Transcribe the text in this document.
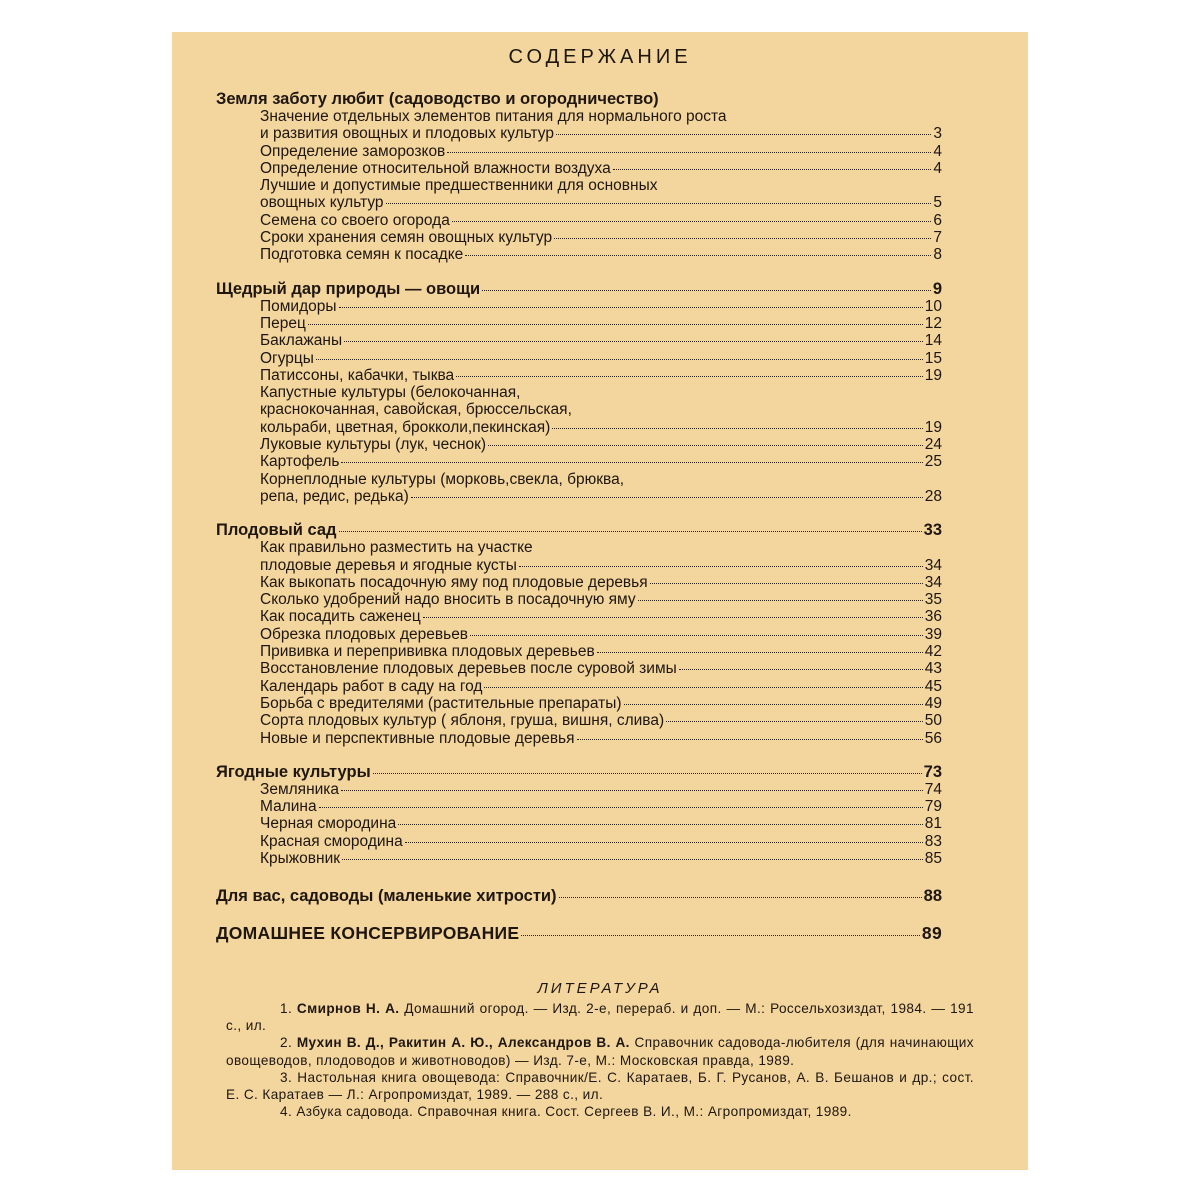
СОДЕРЖАНИЕ
Земля заботу любит (садоводство и огородничество)
Значение отдельных элементов питания для нормального роста
и развития овощных и плодовых культур	3
Определение заморозков	4
Определение относительной влажности воздуха	4
Лучшие и допустимые предшественники для основных
овощных культур	5
Семена со своего огорода	6
Сроки хранения семян овощных культур	7
Подготовка семян к посадке	8
Щедрый дар природы — овощи	9
Помидоры	10
Перец	12
Баклажаны	14
Огурцы	15
Патиссоны, кабачки, тыква	19
Капустные культуры (белокочанная,
краснокочанная, савойская, брюссельская,
кольраби, цветная, брокколи,пекинская)	19
Луковые культуры (лук, чеснок)	24
Картофель	25
Корнеплодные культуры (морковь,свекла, брюква,
репа, редис, редька)	28
Плодовый сад	33
Как правильно разместить на участке
плодовые деревья и ягодные кусты	34
Как выкопать посадочную яму под плодовые деревья	34
Сколько удобрений надо вносить в посадочную яму	35
Как посадить саженец	36
Обрезка плодовых деревьев	39
Прививка и перепрививка плодовых деревьев	42
Восстановление плодовых деревьев после суровой зимы	43
Календарь работ в саду на год	45
Борьба с вредителями (растительные препараты)	49
Сорта плодовых культур ( яблоня, груша, вишня, слива)	50
Новые и перспективные плодовые деревья	56
Ягодные культуры	73
Земляника	74
Малина	79
Черная смородина	81
Красная смородина	83
Крыжовник	85
Для вас, садоводы (маленькие хитрости)	88
ДОМАШНЕЕ КОНСЕРВИРОВАНИЕ	89
ЛИТЕРАТУРА
1. Смирнов Н. А. Домашний огород. — Изд. 2-е, перераб. и доп. — М.: Россельхозиздат, 1984. — 191 с., ил.
2. Мухин В. Д., Ракитин А. Ю., Александров В. А. Справочник садовода-любителя (для начинающих овощеводов, плодоводов и животноводов) — Изд. 7-е, М.: Московская правда, 1989.
3. Настольная книга овощевода: Справочник/Е. С. Каратаев, Б. Г. Русанов, А. В. Бешанов и др.; сост. Е. С. Каратаев — Л.: Агропромиздат, 1989. — 288 с., ил.
4. Азбука садовода. Справочная книга. Сост. Сергеев В. И., М.: Агропромиздат, 1989.
